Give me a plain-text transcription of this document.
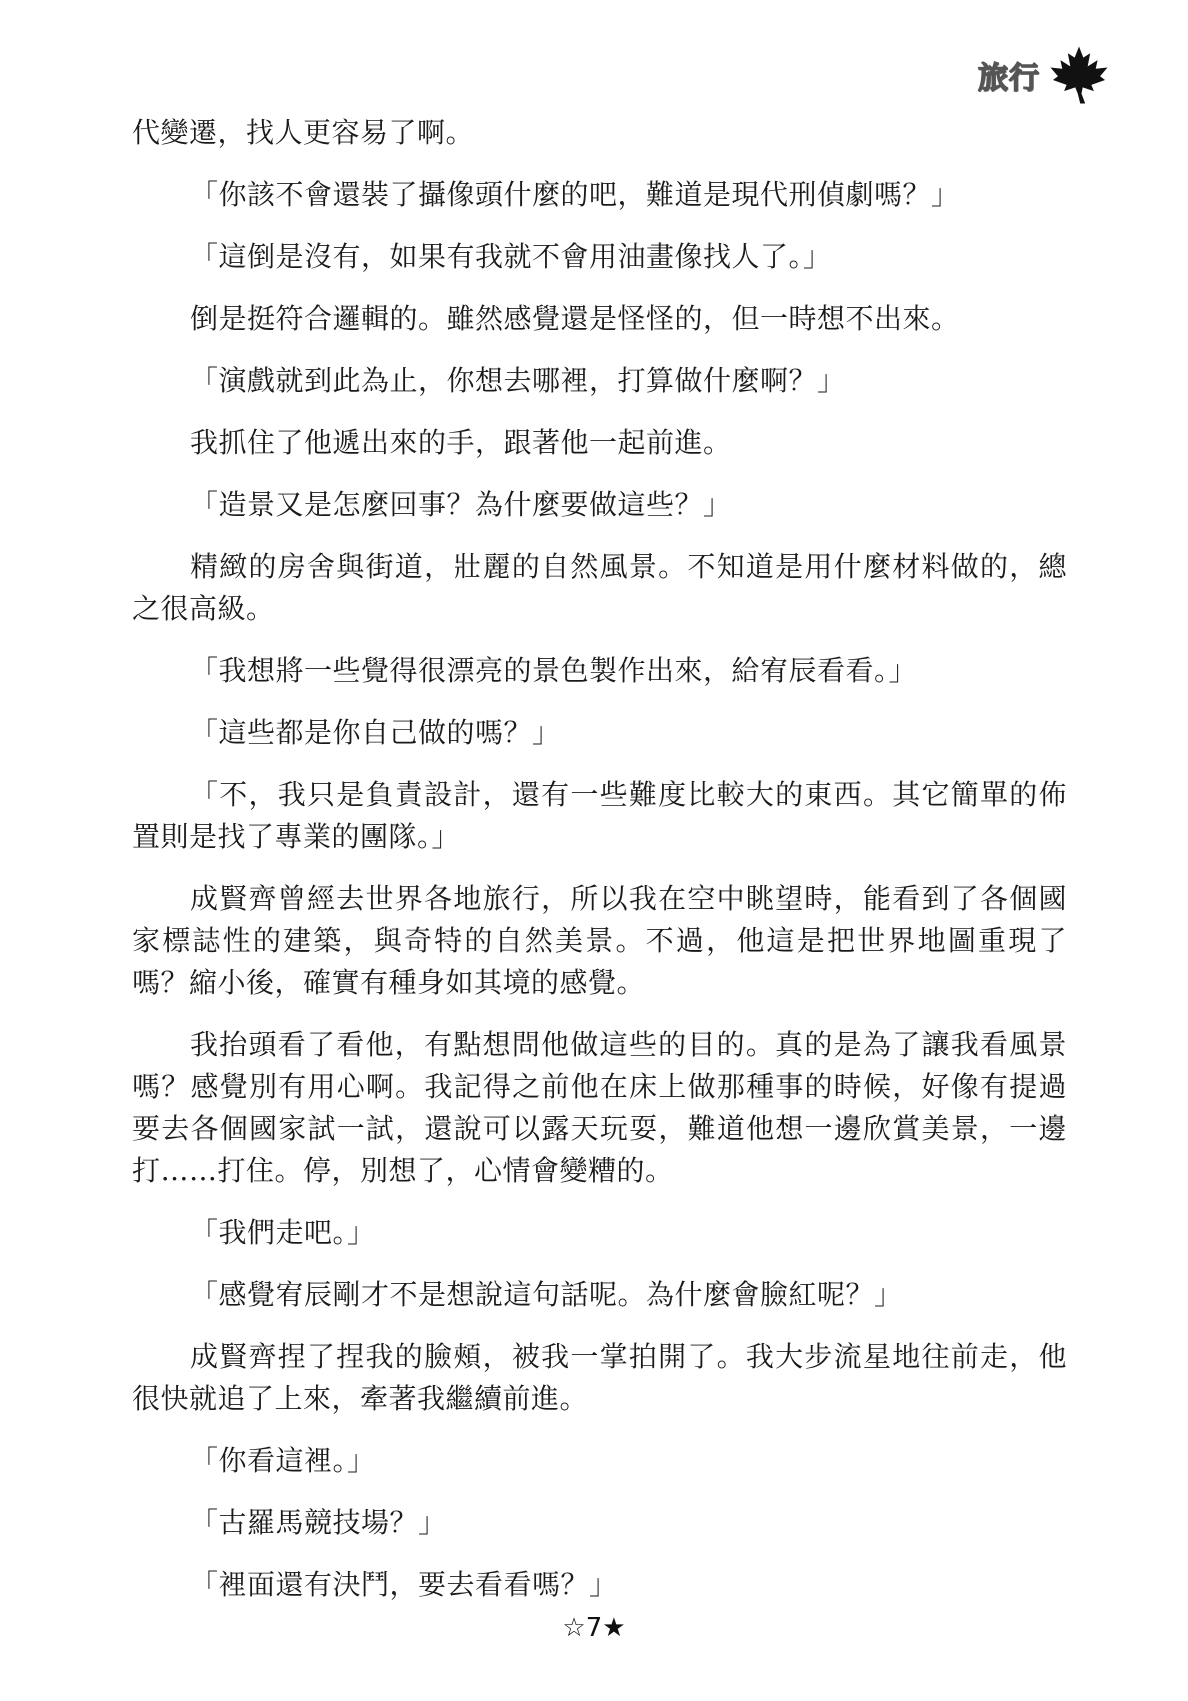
旅行

代變遷，找人更容易了啊。

「你該不會還裝了攝像頭什麼的吧，難道是現代刑偵劇嗎？」

「這倒是沒有，如果有我就不會用油畫像找人了。」

倒是挺符合邏輯的。雖然感覺還是怪怪的，但一時想不出來。

「演戲就到此為止，你想去哪裡，打算做什麼啊？」

我抓住了他遞出來的手，跟著他一起前進。

「造景又是怎麼回事？為什麼要做這些？」

精緻的房舍與街道，壯麗的自然風景。不知道是用什麼材料做的，總之很高級。

「我想將一些覺得很漂亮的景色製作出來，給宥辰看看。」

「這些都是你自己做的嗎？」

「不，我只是負責設計，還有一些難度比較大的東西。其它簡單的佈置則是找了專業的團隊。」

成賢齊曾經去世界各地旅行，所以我在空中眺望時，能看到了各個國家標誌性的建築，與奇特的自然美景。不過，他這是把世界地圖重現了嗎？縮小後，確實有種身如其境的感覺。

我抬頭看了看他，有點想問他做這些的目的。真的是為了讓我看風景嗎？感覺別有用心啊。我記得之前他在床上做那種事的時候，好像有提過要去各個國家試一試，還說可以露天玩耍，難道他想一邊欣賞美景，一邊打……打住。停，別想了，心情會變糟的。

「我們走吧。」

「感覺宥辰剛才不是想說這句話呢。為什麼會臉紅呢？」

成賢齊捏了捏我的臉頰，被我一掌拍開了。我大步流星地往前走，他很快就追了上來，牽著我繼續前進。

「你看這裡。」

「古羅馬競技場？」

「裡面還有決鬥，要去看看嗎？」

☆7★
